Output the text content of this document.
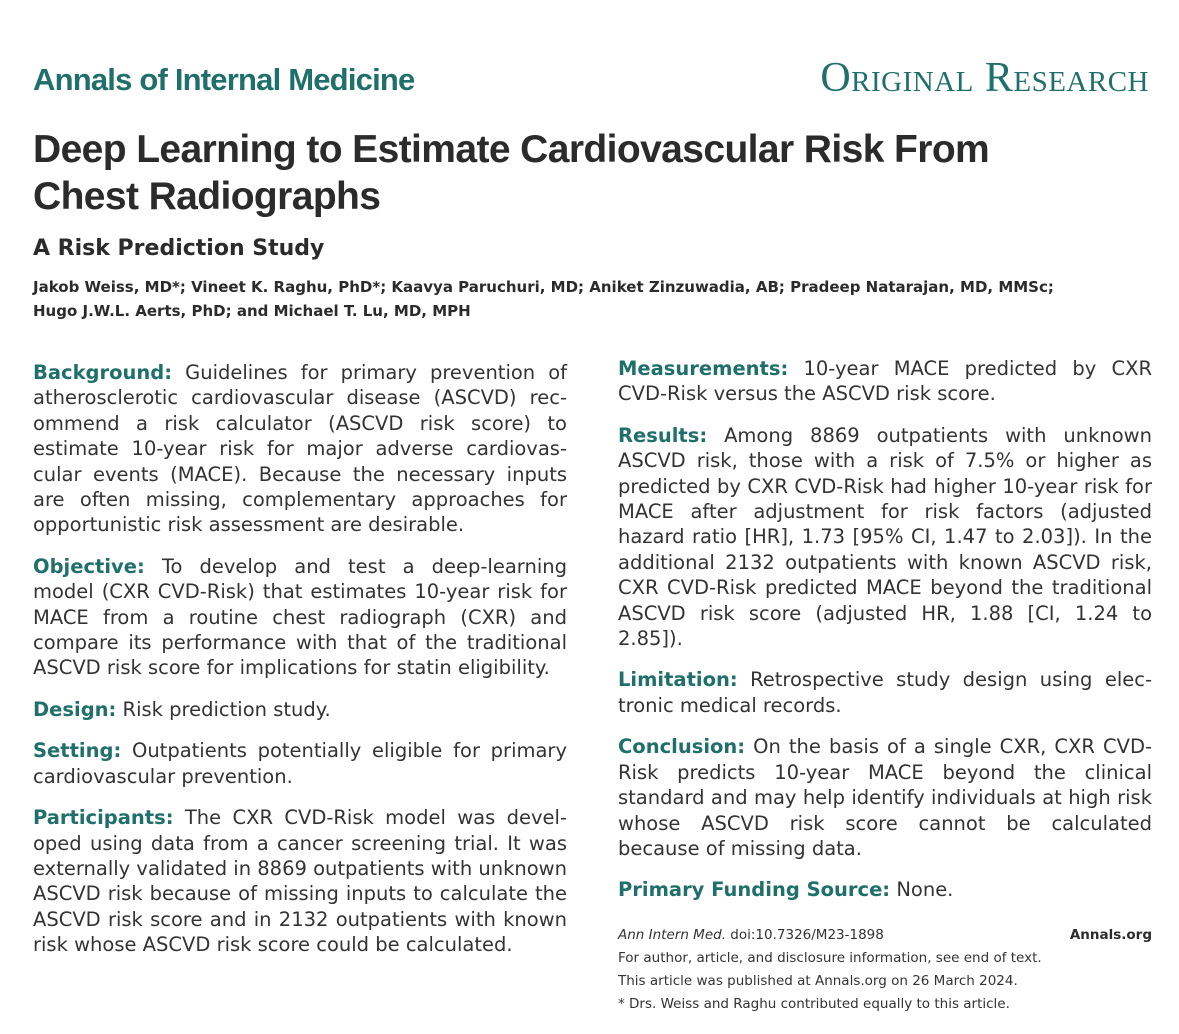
Annals of Internal Medicine	Original Research
Deep Learning to Estimate Cardiovascular Risk From Chest Radiographs
A Risk Prediction Study
Jakob Weiss, MD*; Vineet K. Raghu, PhD*; Kaavya Paruchuri, MD; Aniket Zinzuwadia, AB; Pradeep Natarajan, MD, MMSc;
Hugo J.W.L. Aerts, PhD; and Michael T. Lu, MD, MPH

Background: Guidelines for primary prevention of atherosclerotic cardiovascular disease (ASCVD) recommend a risk calculator (ASCVD risk score) to estimate 10-year risk for major adverse cardiovascular events (MACE). Because the necessary inputs are often missing, complementary approaches for opportunistic risk assessment are desirable.

Objective: To develop and test a deep-learning model (CXR CVD-Risk) that estimates 10-year risk for MACE from a routine chest radiograph (CXR) and compare its performance with that of the traditional ASCVD risk score for implications for statin eligibility.

Design: Risk prediction study.

Setting: Outpatients potentially eligible for primary cardiovascular prevention.

Participants: The CXR CVD-Risk model was developed using data from a cancer screening trial. It was externally validated in 8869 outpatients with unknown ASCVD risk because of missing inputs to calculate the ASCVD risk score and in 2132 outpatients with known risk whose ASCVD risk score could be calculated.

Measurements: 10-year MACE predicted by CXR CVD-Risk versus the ASCVD risk score.

Results: Among 8869 outpatients with unknown ASCVD risk, those with a risk of 7.5% or higher as predicted by CXR CVD-Risk had higher 10-year risk for MACE after adjustment for risk factors (adjusted hazard ratio [HR], 1.73 [95% CI, 1.47 to 2.03]). In the additional 2132 outpatients with known ASCVD risk, CXR CVD-Risk predicted MACE beyond the traditional ASCVD risk score (adjusted HR, 1.88 [CI, 1.24 to 2.85]).

Limitation: Retrospective study design using electronic medical records.

Conclusion: On the basis of a single CXR, CXR CVD-Risk predicts 10-year MACE beyond the clinical standard and may help identify individuals at high risk whose ASCVD risk score cannot be calculated because of missing data.

Primary Funding Source: None.

Ann Intern Med. doi:10.7326/M23-1898	Annals.org
For author, article, and disclosure information, see end of text.
This article was published at Annals.org on 26 March 2024.
* Drs. Weiss and Raghu contributed equally to this article.
